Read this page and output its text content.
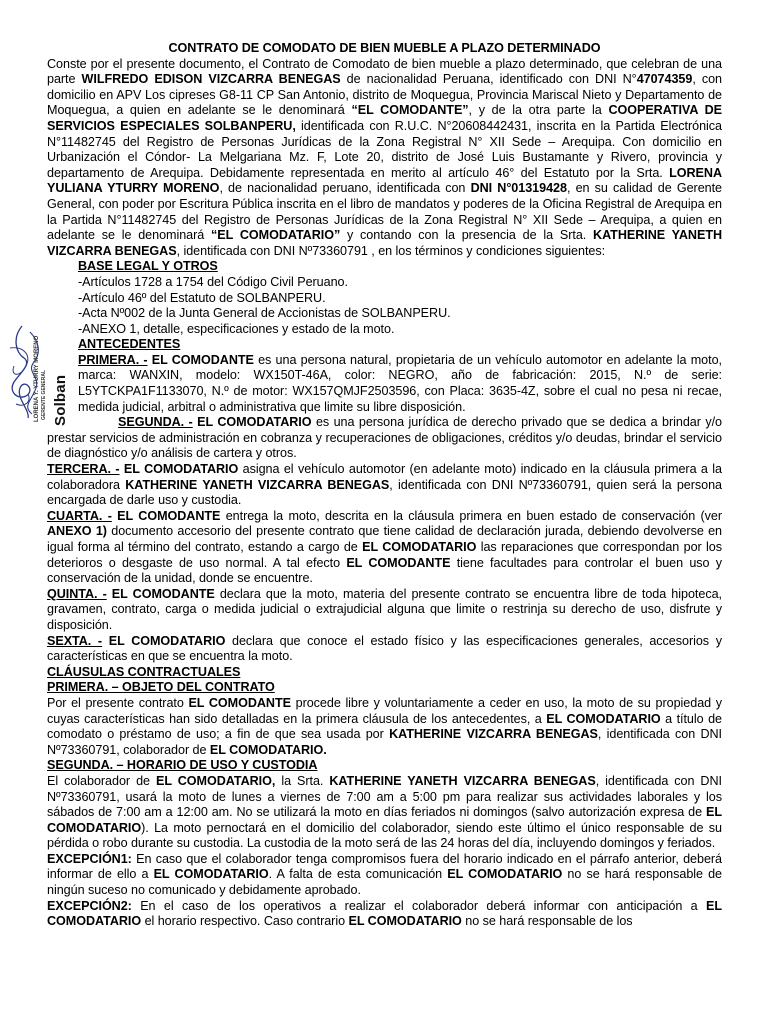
LORENA Y. YTURRY MORENO GERENTE GENERAL Solban

CONTRATO DE COMODATO DE BIEN MUEBLE A PLAZO DETERMINADO

Conste por el presente documento, el Contrato de Comodato de bien mueble a plazo determinado, que celebran de una parte WILFREDO EDISON VIZCARRA BENEGAS de nacionalidad Peruana, identificado con DNI N°47074359, con domicilio en APV Los cipreses G8-11 CP San Antonio, distrito de Moquegua, Provincia Mariscal Nieto y Departamento de Moquegua, a quien en adelante se le denominará “EL COMODANTE”, y de la otra parte la COOPERATIVA DE SERVICIOS ESPECIALES SOLBANPERU, identificada con R.U.C. N°20608442431, inscrita en la Partida Electrónica N°11482745 del Registro de Personas Jurídicas de la Zona Registral N° XII Sede – Arequipa. Con domicilio en Urbanización el Cóndor- La Melgariana Mz. F, Lote 20, distrito de José Luis Bustamante y Rivero, provincia y departamento de Arequipa. Debidamente representada en merito al artículo 46° del Estatuto por la Srta. LORENA YULIANA YTURRY MORENO, de nacionalidad peruano, identificada con DNI N°01319428, en su calidad de Gerente General, con poder por Escritura Pública inscrita en el libro de mandatos y poderes de la Oficina Registral de Arequipa en la Partida N°11482745 del Registro de Personas Jurídicas de la Zona Registral N° XII Sede – Arequipa, a quien en adelante se le denominará “EL COMODATARIO” y contando con la presencia de la Srta. KATHERINE YANETH VIZCARRA BENEGAS, identificada con DNI Nº73360791 , en los términos y condiciones siguientes:

BASE LEGAL Y OTROS
-Artículos 1728 a 1754 del Código Civil Peruano.
-Artículo 46º del Estatuto de SOLBANPERU.
-Acta Nº002 de la Junta General de Accionistas de SOLBANPERU.
-ANEXO 1, detalle, especificaciones y estado de la moto.
ANTECEDENTES

PRIMERA. - EL COMODANTE es una persona natural, propietaria de un vehículo automotor en adelante la moto, marca: WANXIN, modelo: WX150T-46A, color: NEGRO, año de fabricación: 2015, N.º de serie: L5YTCKPA1F1133070, N.º de motor: WX157QMJF2503596, con Placa: 3635-4Z, sobre el cual no pesa ni recae, medida judicial, arbitral o administrativa que limite su libre disposición.

SEGUNDA. - EL COMODATARIO es una persona jurídica de derecho privado que se dedica a brindar y/o prestar servicios de administración en cobranza y recuperaciones de obligaciones, créditos y/o deudas, brindar el servicio de diagnóstico y/o análisis de cartera y otros.

TERCERA. - EL COMODATARIO asigna el vehículo automotor (en adelante moto) indicado en la cláusula primera a la colaboradora KATHERINE YANETH VIZCARRA BENEGAS, identificada con DNI Nº73360791, quien será la persona encargada de darle uso y custodia.

CUARTA. - EL COMODANTE entrega la moto, descrita en la cláusula primera en buen estado de conservación (ver ANEXO 1) documento accesorio del presente contrato que tiene calidad de declaración jurada, debiendo devolverse en igual forma al término del contrato, estando a cargo de EL COMODATARIO las reparaciones que correspondan por los deterioros o desgaste de uso normal. A tal efecto EL COMODANTE tiene facultades para controlar el buen uso y conservación de la unidad, donde se encuentre.

QUINTA. - EL COMODANTE declara que la moto, materia del presente contrato se encuentra libre de toda hipoteca, gravamen, contrato, carga o medida judicial o extrajudicial alguna que limite o restrinja su derecho de uso, disfrute y disposición.

SEXTA. - EL COMODATARIO declara que conoce el estado físico y las especificaciones generales, accesorios y características en que se encuentra la moto.

CLÁUSULAS CONTRACTUALES

PRIMERA. – OBJETO DEL CONTRATO

Por el presente contrato EL COMODANTE procede libre y voluntariamente a ceder en uso, la moto de su propiedad y cuyas características han sido detalladas en la primera cláusula de los antecedentes, a EL COMODATARIO a título de comodato o préstamo de uso; a fin de que sea usada por KATHERINE VIZCARRA BENEGAS, identificada con DNI Nº73360791, colaborador de EL COMODATARIO.

SEGUNDA. – HORARIO DE USO Y CUSTODIA

El colaborador de EL COMODATARIO, la Srta. KATHERINE YANETH VIZCARRA BENEGAS, identificada con DNI Nº73360791, usará la moto de lunes a viernes de 7:00 am a 5:00 pm para realizar sus actividades laborales y los sábados de 7:00 am a 12:00 am. No se utilizará la moto en días feriados ni domingos (salvo autorización expresa de EL COMODATARIO). La moto pernoctará en el domicilio del colaborador, siendo este último el único responsable de su pérdida o robo durante su custodia. La custodia de la moto será de las 24 horas del día, incluyendo domingos y feriados.

EXCEPCIÓN1: En caso que el colaborador tenga compromisos fuera del horario indicado en el párrafo anterior, deberá informar de ello a EL COMODATARIO. A falta de esta comunicación EL COMODATARIO no se hará responsable de ningún suceso no comunicado y debidamente aprobado.

EXCEPCIÓN2: En el caso de los operativos a realizar el colaborador deberá informar con anticipación a EL COMODATARIO el horario respectivo. Caso contrario EL COMODATARIO no se hará responsable de los
